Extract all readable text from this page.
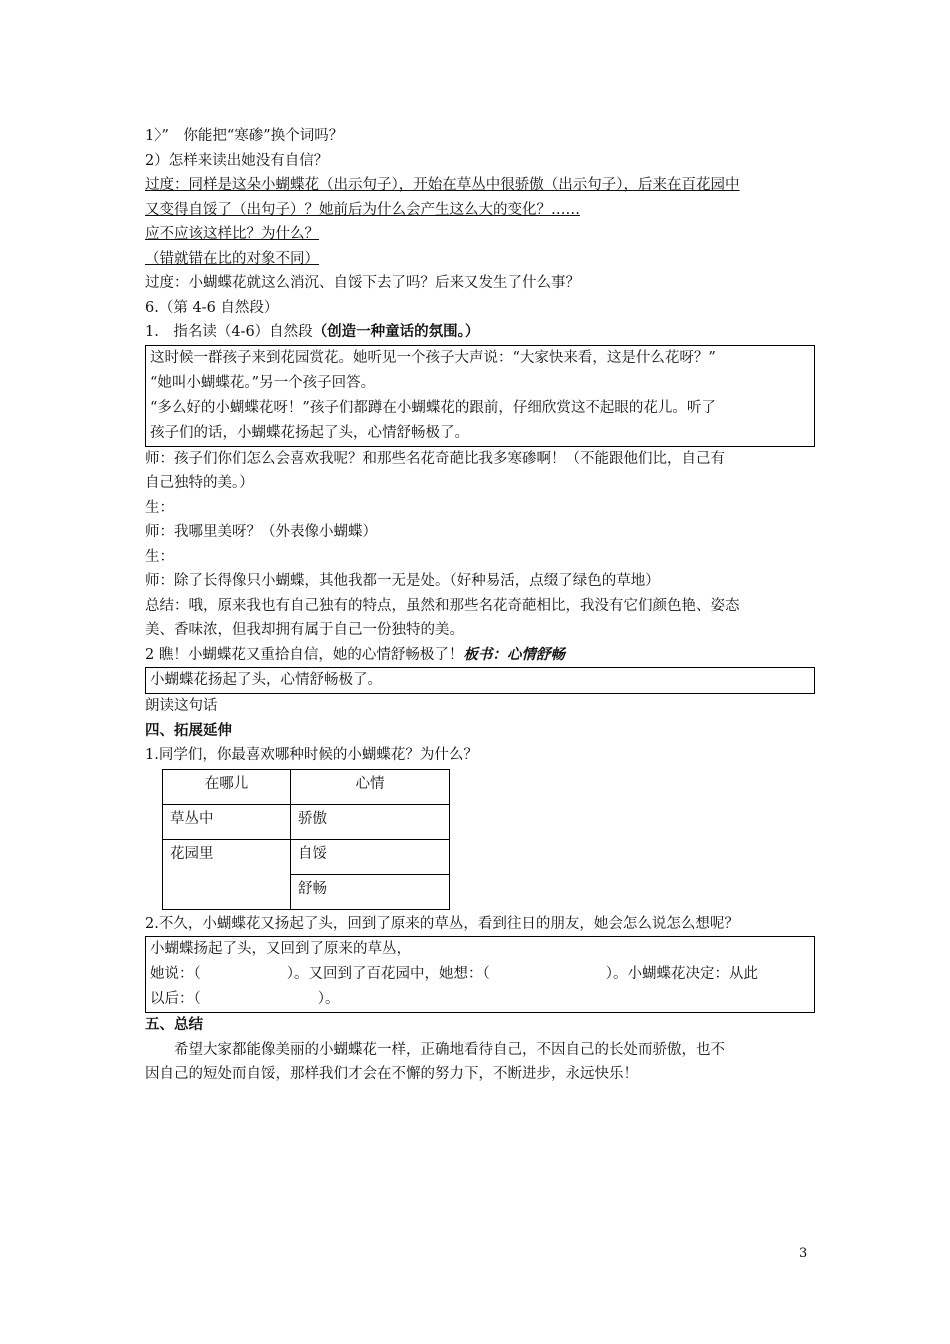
1〉”　你能把“寒碜”换个词吗？
2）怎样来读出她没有自信？
过度：同样是这朵小蝴蝶花（出示句子），开始在草丛中很骄傲（出示句子），后来在百花园中
又变得自馁了（出句子）？她前后为什么会产生这么大的变化？……
应不应该这样比？为什么？
（错就错在比的对象不同）
过度：小蝴蝶花就这么消沉、自馁下去了吗？后来又发生了什么事？
6.（第 4-6 自然段）
1.　指名读（4-6）自然段（创造一种童话的氛围。）
这时候一群孩子来到花园赏花。她听见一个孩子大声说：“大家快来看，这是什么花呀？”
“她叫小蝴蝶花。”另一个孩子回答。
“多么好的小蝴蝶花呀！”孩子们都蹲在小蝴蝶花的跟前，仔细欣赏这不起眼的花儿。听了
孩子们的话，小蝴蝶花扬起了头，心情舒畅极了。
师：孩子们你们怎么会喜欢我呢？和那些名花奇葩比我多寒碜啊！（不能跟他们比，自己有
自己独特的美。）
生：
师：我哪里美呀？（外表像小蝴蝶）
生：
师：除了长得像只小蝴蝶，其他我都一无是处。（好种易活，点缀了绿色的草地）
总结：哦，原来我也有自己独有的特点，虽然和那些名花奇葩相比，我没有它们颜色艳、姿态
美、香味浓，但我却拥有属于自己一份独特的美。
2 瞧！小蝴蝶花又重拾自信，她的心情舒畅极了！板书：心情舒畅
小蝴蝶花扬起了头，心情舒畅极了。
朗读这句话
四、拓展延伸
1.同学们，你最喜欢哪种时候的小蝴蝶花？为什么？
在哪儿	心情
草丛中	骄傲
花园里	自馁
	舒畅
2.不久，小蝴蝶花又扬起了头，回到了原来的草丛，看到往日的朋友，她会怎么说怎么想呢？
小蝴蝶扬起了头，又回到了原来的草丛，
她说：（	）。又回到了百花园中，她想：（	）。小蝴蝶花决定：从此
以后：（	）。
五、总结
希望大家都能像美丽的小蝴蝶花一样，正确地看待自己，不因自己的长处而骄傲，也不
因自己的短处而自馁，那样我们才会在不懈的努力下，不断进步，永远快乐！
3
